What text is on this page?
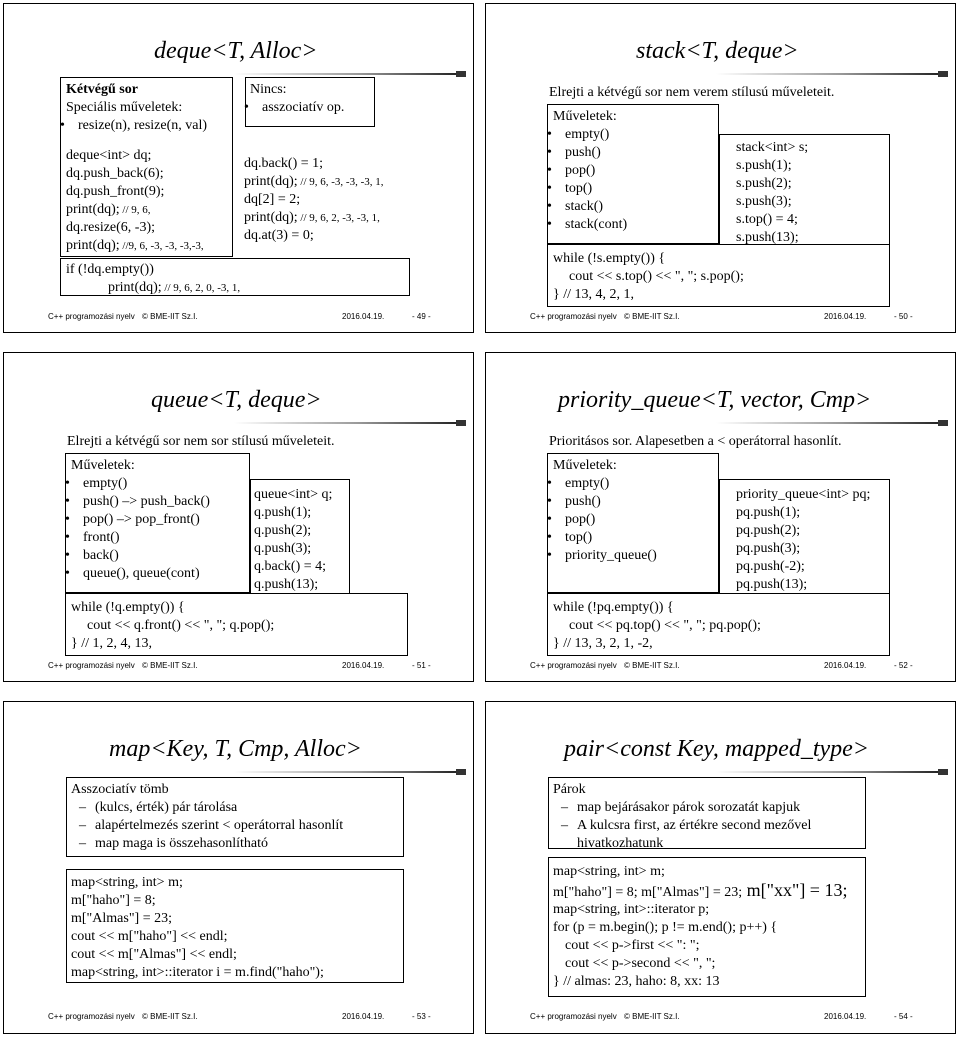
deque<T, Alloc>
Kétvégű sor
Speciális műveletek:
• resize(n), resize(n, val)
deque<int> dq;
dq.push_back(6);
dq.push_front(9);
print(dq); // 9, 6,
dq.resize(6, -3);
print(dq); //9, 6, -3, -3, -3,-3,
Nincs:
• asszociatív op.
dq.back() = 1;
print(dq); // 9, 6, -3, -3, -3, 1,
dq[2] = 2;
print(dq); // 9, 6, 2, -3, -3, 1,
dq.at(3) = 0;
if (!dq.empty())
print(dq); // 9, 6, 2, 0, -3, 1,
C++ programozási nyelv © BME-IIT Sz.I.	2016.04.19.	- 49 -
stack<T, deque>
Elrejti a kétvégű sor nem verem stílusú műveleteit.
Műveletek:
• empty()
• push()
• pop()
• top()
• stack()
• stack(cont)
stack<int> s;
s.push(1);
s.push(2);
s.push(3);
s.top() = 4;
s.push(13);
while (!s.empty()) {
cout << s.top() << ", "; s.pop();
} // 13, 4, 2, 1,
C++ programozási nyelv © BME-IIT Sz.I.	2016.04.19.	- 50 -
queue<T, deque>
Elrejti a kétvégű sor nem sor stílusú műveleteit.
Műveletek:
• empty()
• push() –> push_back()
• pop() –> pop_front()
• front()
• back()
• queue(), queue(cont)
queue<int> q;
q.push(1);
q.push(2);
q.push(3);
q.back() = 4;
q.push(13);
while (!q.empty()) {
cout << q.front() << ", "; q.pop();
} // 1, 2, 4, 13,
C++ programozási nyelv © BME-IIT Sz.I.	2016.04.19.	- 51 -
priority_queue<T, vector, Cmp>
Prioritásos sor. Alapesetben a < operátorral hasonlít.
Műveletek:
• empty()
• push()
• pop()
• top()
• priority_queue()
priority_queue<int> pq;
pq.push(1);
pq.push(2);
pq.push(3);
pq.push(-2);
pq.push(13);
while (!pq.empty()) {
cout << pq.top() << ", "; pq.pop();
} // 13, 3, 2, 1, -2,
C++ programozási nyelv © BME-IIT Sz.I.	2016.04.19.	- 52 -
map<Key, T, Cmp, Alloc>
Asszociatív tömb
– (kulcs, érték) pár tárolása
– alapértelmezés szerint < operátorral hasonlít
– map maga is összehasonlítható
map<string, int> m;
m["haho"] = 8;
m["Almas"] = 23;
cout << m["haho"] << endl;
cout << m["Almas"] << endl;
map<string, int>::iterator i = m.find("haho");
C++ programozási nyelv © BME-IIT Sz.I.	2016.04.19.	- 53 -
pair<const Key, mapped_type>
Párok
– map bejárásakor párok sorozatát kapjuk
– A kulcsra first, az értékre second mezővel hivatkozhatunk
map<string, int> m;
m["haho"] = 8; m["Almas"] = 23; m["xx"] = 13;
map<string, int>::iterator p;
for (p = m.begin(); p != m.end(); p++) {
cout << p->first << ": ";
cout << p->second << ", ";
} // almas: 23, haho: 8, xx: 13
C++ programozási nyelv © BME-IIT Sz.I.	2016.04.19.	- 54 -
